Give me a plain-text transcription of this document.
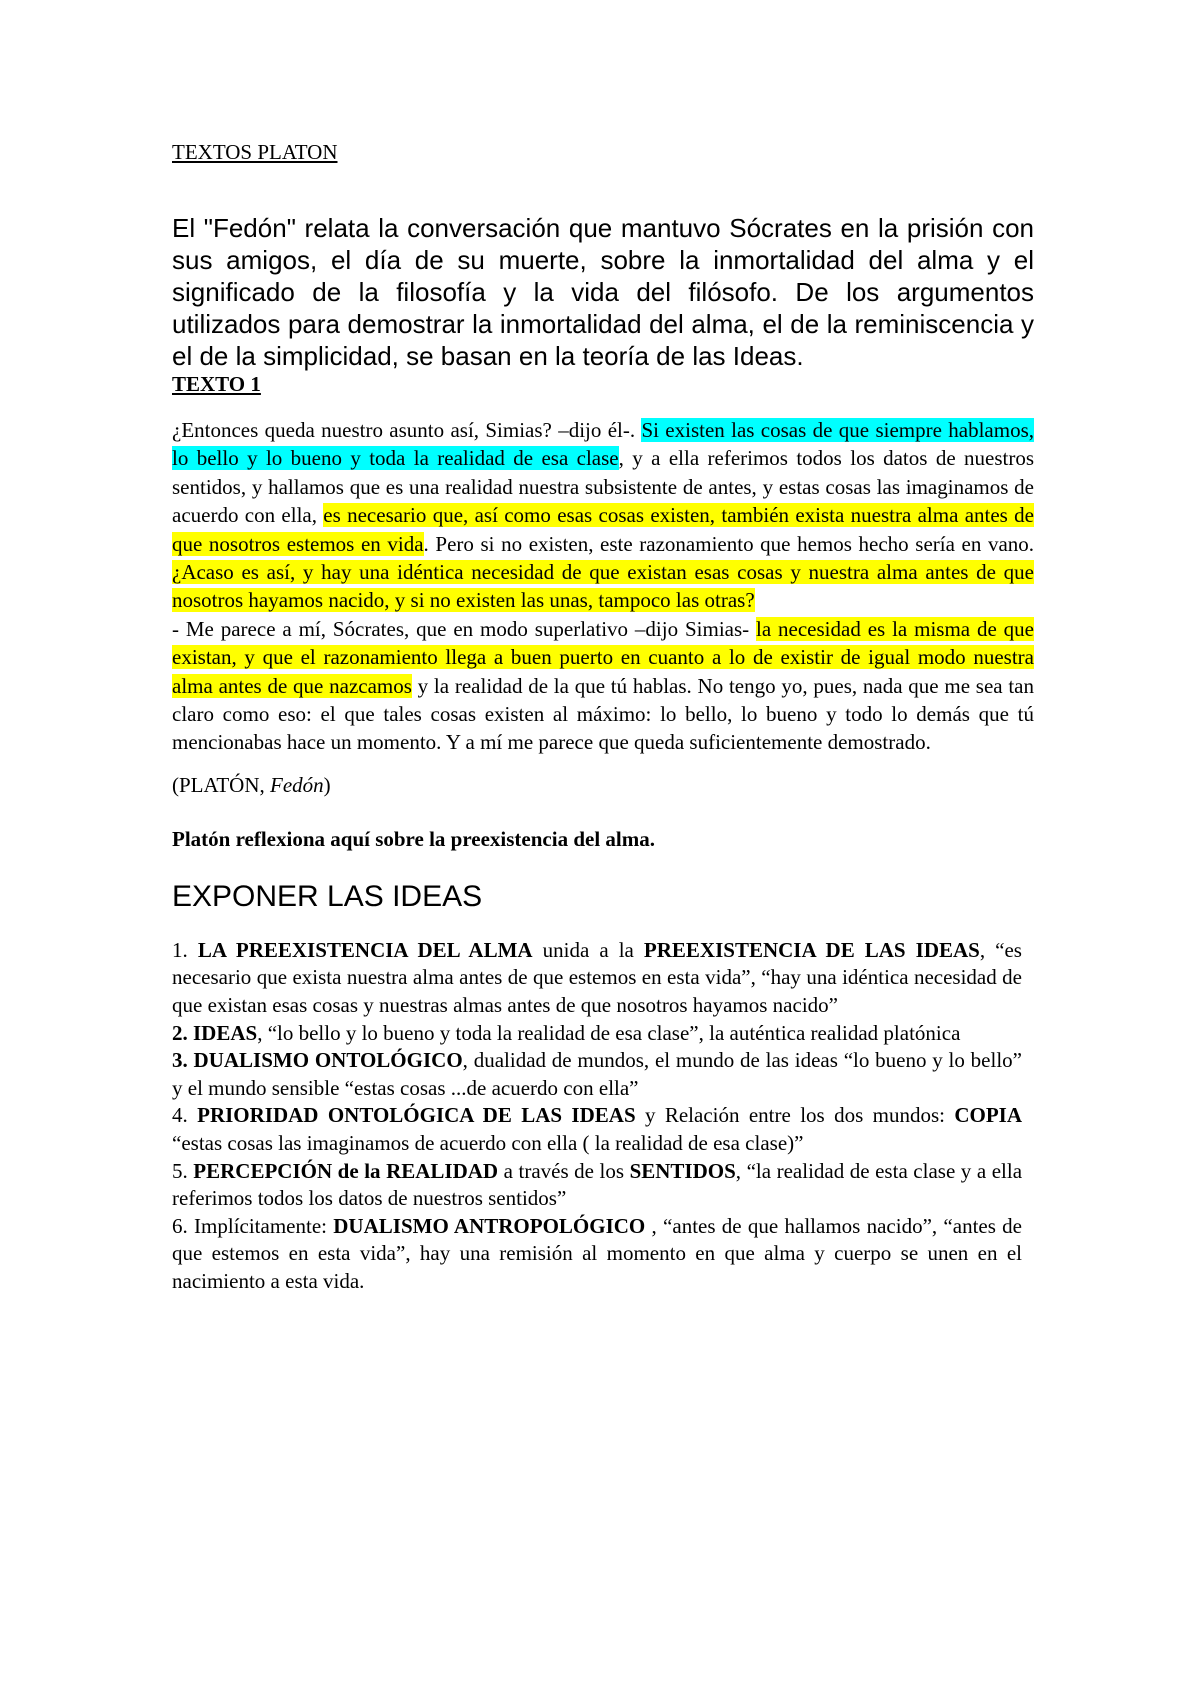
TEXTOS PLATON

El "Fedón" relata la conversación que mantuvo Sócrates en la prisión con sus amigos, el día de su muerte, sobre la inmortalidad del alma y el significado de la filosofía y la vida del filósofo. De los argumentos utilizados para demostrar la inmortalidad del alma, el de la reminiscencia y el de la simplicidad, se basan en la teoría de las Ideas.

TEXTO 1

¿Entonces queda nuestro asunto así, Simias? –dijo él-. Si existen las cosas de que siempre hablamos, lo bello y lo bueno y toda la realidad de esa clase, y a ella referimos todos los datos de nuestros sentidos, y hallamos que es una realidad nuestra subsistente de antes, y estas cosas las imaginamos de acuerdo con ella, es necesario que, así como esas cosas existen, también exista nuestra alma antes de que nosotros estemos en vida. Pero si no existen, este razonamiento que hemos hecho sería en vano. ¿Acaso es así, y hay una idéntica necesidad de que existan esas cosas y nuestra alma antes de que nosotros hayamos nacido, y si no existen las unas, tampoco las otras?
- Me parece a mí, Sócrates, que en modo superlativo –dijo Simias- la necesidad es la misma de que existan, y que el razonamiento llega a buen puerto en cuanto a lo de existir de igual modo nuestra alma antes de que nazcamos y la realidad de la que tú hablas. No tengo yo, pues, nada que me sea tan claro como eso: el que tales cosas existen al máximo: lo bello, lo bueno y todo lo demás que tú mencionabas hace un momento. Y a mí me parece que queda suficientemente demostrado.

(PLATÓN, Fedón)

Platón reflexiona aquí sobre la preexistencia del alma.

EXPONER LAS IDEAS

1. LA PREEXISTENCIA DEL ALMA unida a la PREEXISTENCIA DE LAS IDEAS, “es necesario que exista nuestra alma antes de que estemos en esta vida”, “hay una idéntica necesidad de que existan esas cosas y nuestras almas antes de que nosotros hayamos nacido”

2. IDEAS, “lo bello y lo bueno y toda la realidad de esa clase”, la auténtica realidad platónica

3. DUALISMO ONTOLÓGICO, dualidad de mundos, el mundo de las ideas “lo bueno y lo bello” y el mundo sensible “estas cosas ...de acuerdo con ella”

4. PRIORIDAD ONTOLÓGICA DE LAS IDEAS y Relación entre los dos mundos: COPIA “estas cosas las imaginamos de acuerdo con ella ( la realidad de esa clase)”

5. PERCEPCIÓN de la REALIDAD a través de los SENTIDOS, “la realidad de esta clase y a ella referimos todos los datos de nuestros sentidos”

6. Implícitamente: DUALISMO ANTROPOLÓGICO , “antes de que hallamos nacido”, “antes de que estemos en esta vida”, hay una remisión al momento en que alma y cuerpo se unen en el nacimiento a esta vida.
